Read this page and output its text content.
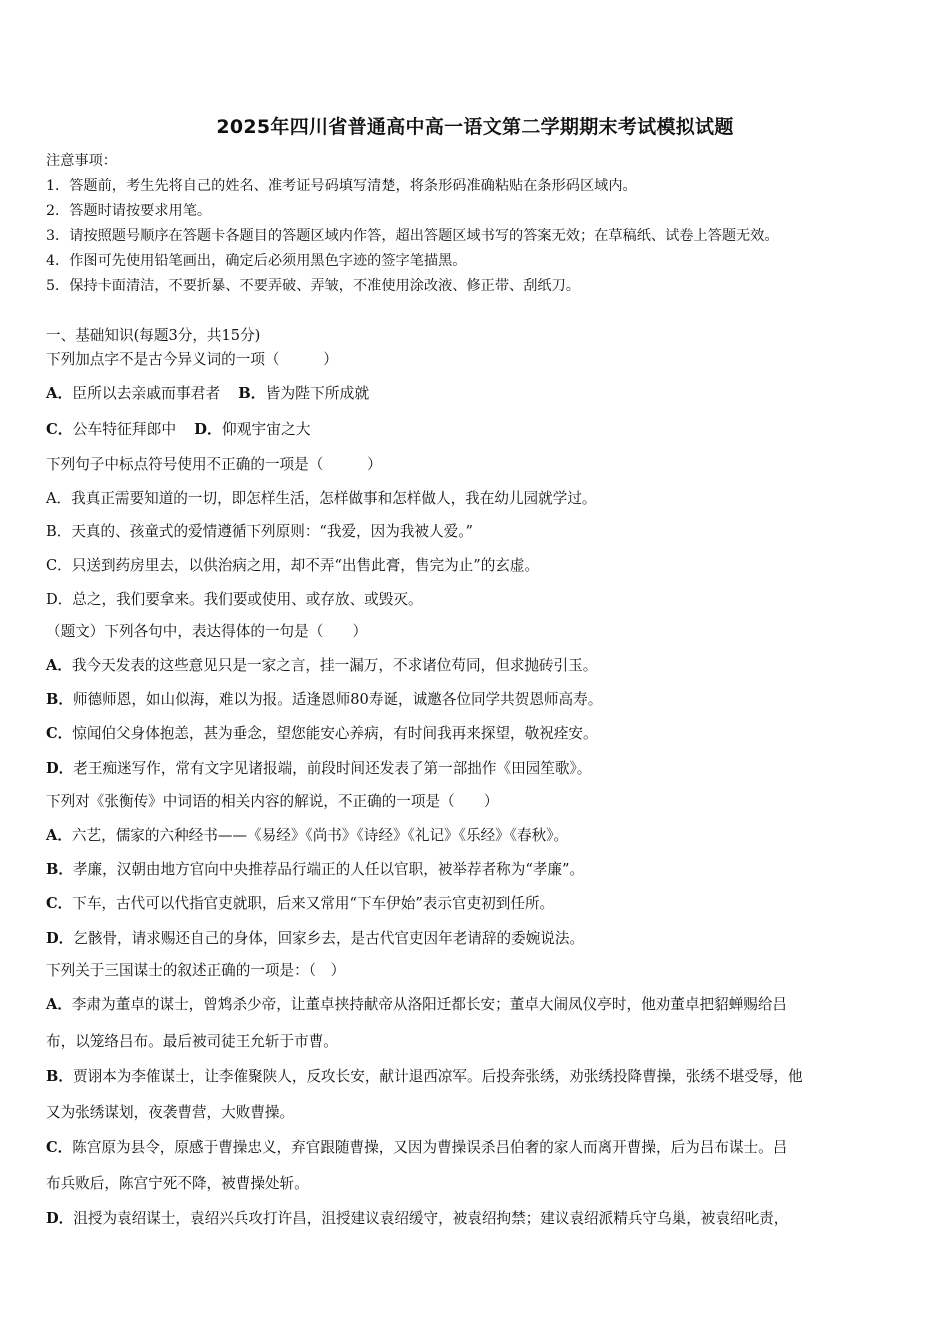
2025年四川省普通高中高一语文第二学期期末考试模拟试题
注意事项：
1．答题前，考生先将自己的姓名、准考证号码填写清楚，将条形码准确粘贴在条形码区域内。
2．答题时请按要求用笔。
3．请按照题号顺序在答题卡各题目的答题区域内作答，超出答题区域书写的答案无效；在草稿纸、试卷上答题无效。
4．作图可先使用铅笔画出，确定后必须用黑色字迹的签字笔描黑。
5．保持卡面清洁，不要折暴、不要弄破、弄皱，不准使用涂改液、修正带、刮纸刀。
一、基础知识(每题3分，共15分)
下列加点字不是古今异义词的一项（　　　）
A．臣所以去亲戚而事君者 B．皆为陛下所成就
C．公车特征拜郎中 D．仰观宇宙之大
下列句子中标点符号使用不正确的一项是（　　　）
A．我真正需要知道的一切，即怎样生活，怎样做事和怎样做人，我在幼儿园就学过。
B．天真的、孩童式的爱情遵循下列原则：“我爱，因为我被人爱。”
C．只送到药房里去，以供治病之用，却不弄“出售此膏，售完为止”的玄虚。
D．总之，我们要拿来。我们要或使用、或存放、或毁灭。
（题文）下列各句中，表达得体的一句是（　　）
A．我今天发表的这些意见只是一家之言，挂一漏万，不求诸位苟同，但求抛砖引玉。
B．师德师恩，如山似海，难以为报。适逢恩师80寿诞，诚邀各位同学共贺恩师高寿。
C．惊闻伯父身体抱恙，甚为垂念，望您能安心养病，有时间我再来探望，敬祝痊安。
D．老王痴迷写作，常有文字见诸报端，前段时间还发表了第一部拙作《田园笙歌》。
下列对《张衡传》中词语的相关内容的解说，不正确的一项是（　　）
A．六艺，儒家的六种经书——《易经》《尚书》《诗经》《礼记》《乐经》《春秋》。
B．孝廉，汉朝由地方官向中央推荐品行端正的人任以官职，被举荐者称为“孝廉”。
C．下车，古代可以代指官吏就职，后来又常用“下车伊始”表示官吏初到任所。
D．乞骸骨，请求赐还自己的身体，回家乡去，是古代官吏因年老请辞的委婉说法。
下列关于三国谋士的叙述正确的一项是：（　）
A．李肃为董卓的谋士，曾鸩杀少帝，让董卓挟持献帝从洛阳迁都长安；董卓大闹凤仪亭时，他劝董卓把貂蝉赐给吕
布，以笼络吕布。最后被司徒王允斩于市曹。
B．贾诩本为李傕谋士，让李傕聚陕人，反攻长安，献计退西凉军。后投奔张绣，劝张绣投降曹操，张绣不堪受辱，他
又为张绣谋划，夜袭曹营，大败曹操。
C．陈宫原为县令，原感于曹操忠义，弃官跟随曹操，又因为曹操误杀吕伯奢的家人而离开曹操，后为吕布谋士。吕
布兵败后，陈宫宁死不降，被曹操处斩。
D．沮授为袁绍谋士，袁绍兴兵攻打许昌，沮授建议袁绍缓守，被袁绍拘禁；建议袁绍派精兵守乌巢，被袁绍叱责，
